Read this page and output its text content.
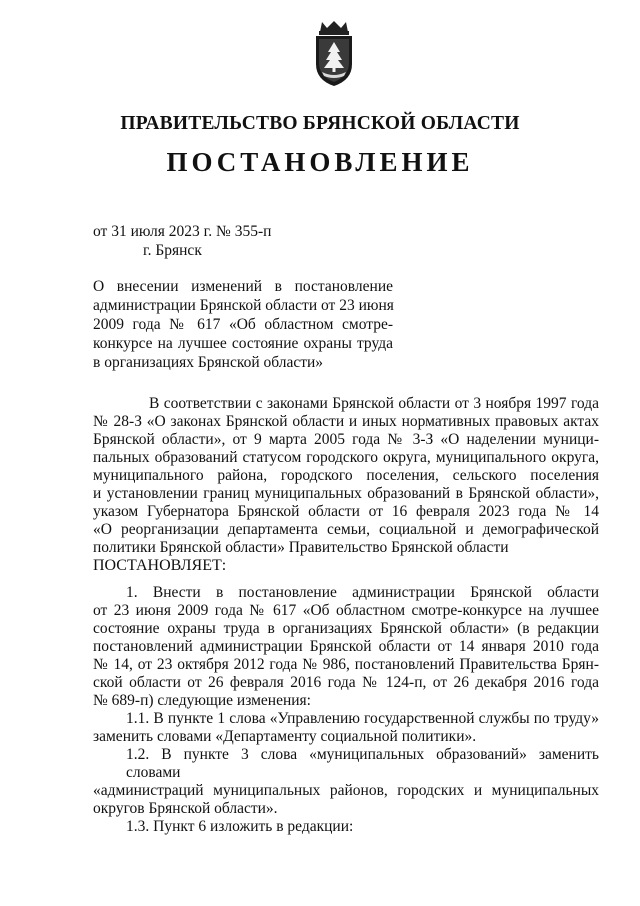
ПРАВИТЕЛЬСТВО БРЯНСКОЙ ОБЛАСТИ
ПОСТАНОВЛЕНИЕ
от 31 июля 2023 г. № 355-п
г. Брянск
О внесении изменений в постановление
администрации Брянской области от 23 июня
2009 года № 617 «Об областном смотре-
конкурсе на лучшее состояние охраны труда
в организациях Брянской области»
В соответствии с законами Брянской области от 3 ноября 1997 года
№ 28-З «О законах Брянской области и иных нормативных правовых актах
Брянской области», от 9 марта 2005 года № 3-З «О наделении муници-
пальных образований статусом городского округа, муниципального округа,
муниципального района, городского поселения, сельского поселения
и установлении границ муниципальных образований в Брянской области»,
указом Губернатора Брянской области от 16 февраля 2023 года № 14
«О реорганизации департамента семьи, социальной и демографической
политики Брянской области» Правительство Брянской области
ПОСТАНОВЛЯЕТ:
1. Внести в постановление администрации Брянской области
от 23 июня 2009 года № 617 «Об областном смотре-конкурсе на лучшее
состояние охраны труда в организациях Брянской области» (в редакции
постановлений администрации Брянской области от 14 января 2010 года
№ 14, от 23 октября 2012 года № 986, постановлений Правительства Брян-
ской области от 26 февраля 2016 года № 124-п, от 26 декабря 2016 года
№ 689-п) следующие изменения:
1.1. В пункте 1 слова «Управлению государственной службы по труду»
заменить словами «Департаменту социальной политики».
1.2. В пункте 3 слова «муниципальных образований» заменить словами
«администраций муниципальных районов, городских и муниципальных
округов Брянской области».
1.3. Пункт 6 изложить в редакции:
